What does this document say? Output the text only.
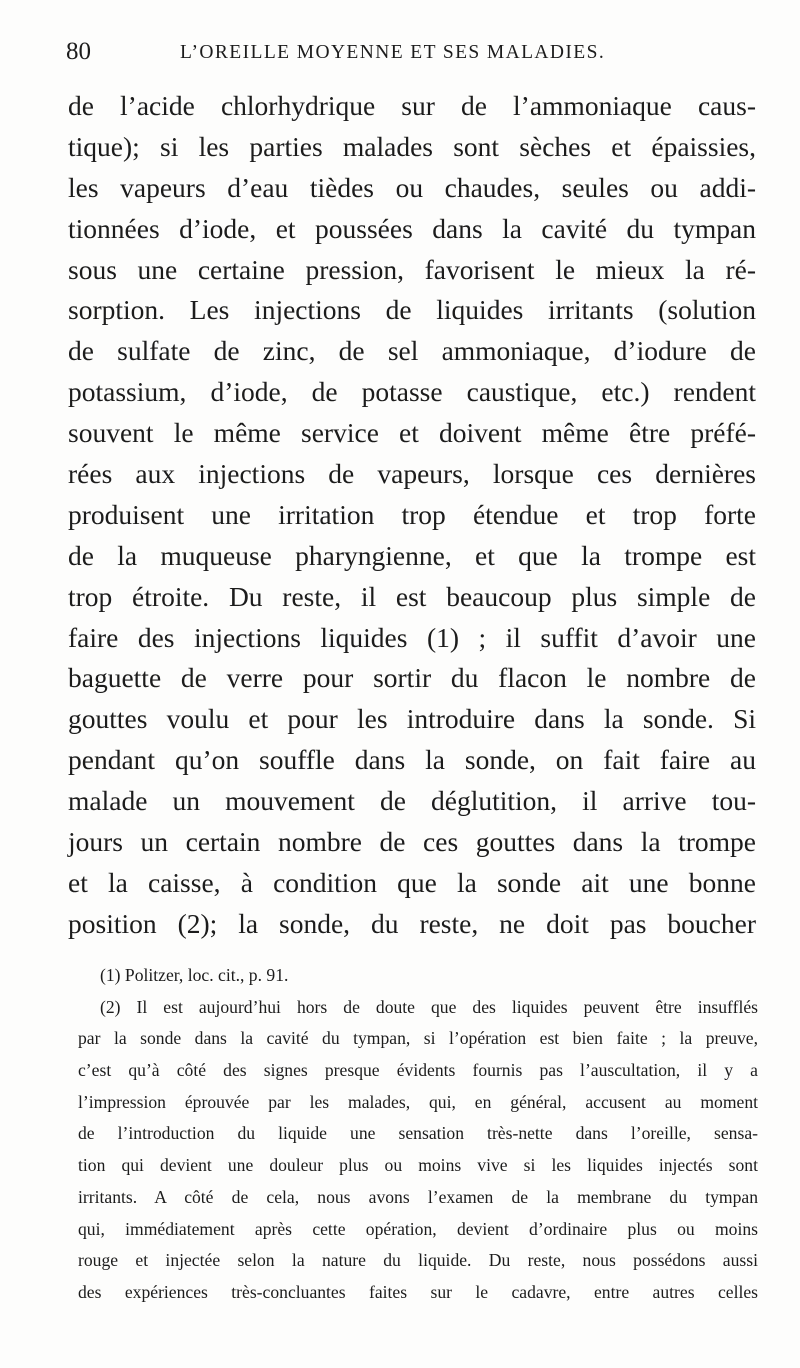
80	L’OREILLE MOYENNE ET SES MALADIES.
de l’acide chlorhydrique sur de l’ammoniaque caus-
tique); si les parties malades sont sèches et épaissies,
les vapeurs d’eau tièdes ou chaudes, seules ou addi-
tionnées d’iode, et poussées dans la cavité du tympan
sous une certaine pression, favorisent le mieux la ré-
sorption. Les injections de liquides irritants (solution
de sulfate de zinc, de sel ammoniaque, d’iodure de
potassium, d’iode, de potasse caustique, etc.) rendent
souvent le même service et doivent même être préfé-
rées aux injections de vapeurs, lorsque ces dernières
produisent une irritation trop étendue et trop forte
de la muqueuse pharyngienne, et que la trompe est
trop étroite. Du reste, il est beaucoup plus simple de
faire des injections liquides (1) ; il suffit d’avoir une
baguette de verre pour sortir du flacon le nombre de
gouttes voulu et pour les introduire dans la sonde. Si
pendant qu’on souffle dans la sonde, on fait faire au
malade un mouvement de déglutition, il arrive tou-
jours un certain nombre de ces gouttes dans la trompe
et la caisse, à condition que la sonde ait une bonne
position (2); la sonde, du reste, ne doit pas boucher
(1) Politzer, loc. cit., p. 91.
(2) Il est aujourd’hui hors de doute que des liquides peuvent être insufflés
par la sonde dans la cavité du tympan, si l’opération est bien faite ; la preuve,
c’est qu’à côté des signes presque évidents fournis pas l’auscultation, il y a
l’impression éprouvée par les malades, qui, en général, accusent au moment
de l’introduction du liquide une sensation très-nette dans l’oreille, sensa-
tion qui devient une douleur plus ou moins vive si les liquides injectés sont
irritants. A côté de cela, nous avons l’examen de la membrane du tympan
qui, immédiatement après cette opération, devient d’ordinaire plus ou moins
rouge et injectée selon la nature du liquide. Du reste, nous possédons aussi
des expériences très-concluantes faites sur le cadavre, entre autres celles
